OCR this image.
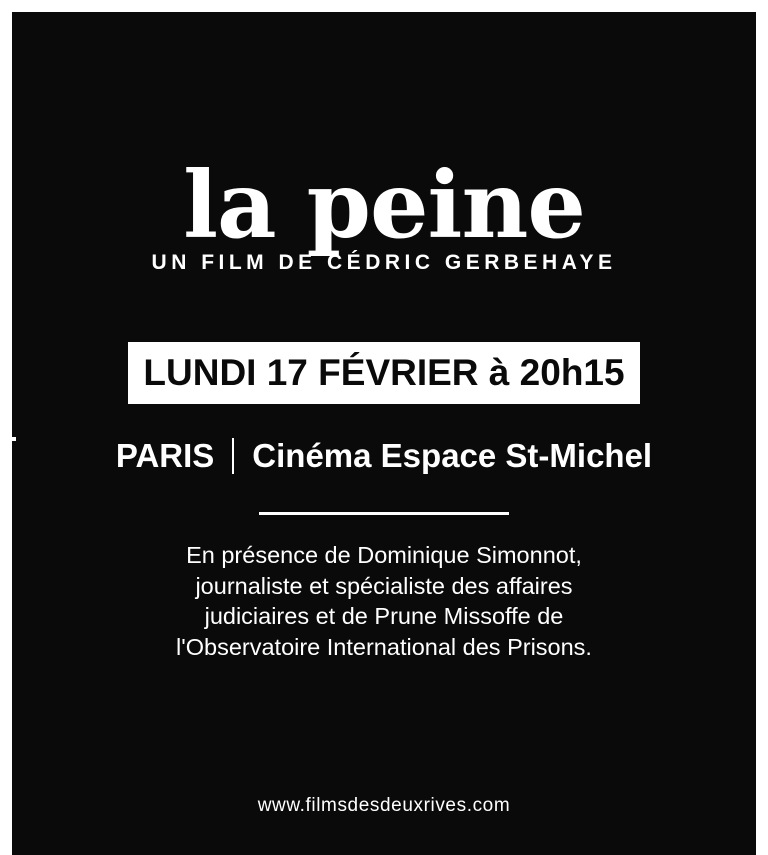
la peine
UN FILM DE CÉDRIC GERBEHAYE
LUNDI 17 FÉVRIER à 20h15
PARIS	Cinéma Espace St-Michel
En présence de Dominique Simonnot,
journaliste et spécialiste des affaires
judiciaires et de Prune Missoffe de
l'Observatoire International des Prisons.
www.filmsdesdeuxrives.com
